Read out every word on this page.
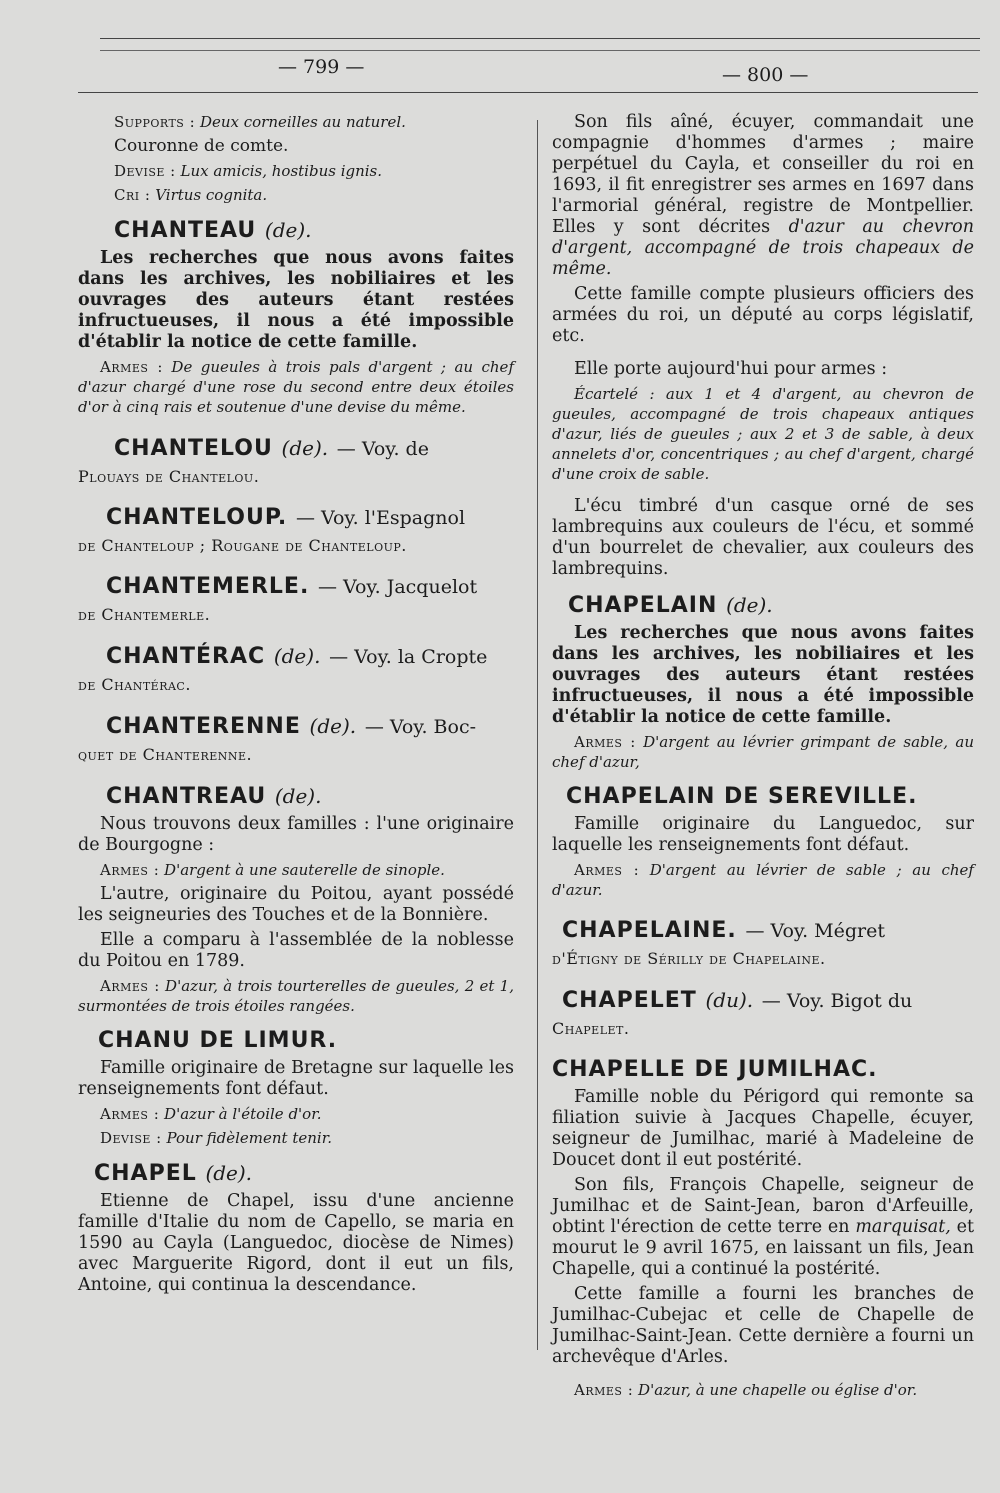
— 799 —	— 800 —

Supports : Deux corneilles au naturel.

Couronne de comte.

Devise : Lux amicis, hostibus ignis.

Cri : Virtus cognita.

CHANTEAU (de).

Les recherches que nous avons faites dans les archives, les nobiliaires et les ouvrages des auteurs étant restées infructueuses, il nous a été impossible d'établir la notice de cette famille.

Armes : De gueules à trois pals d'argent ; au chef d'azur chargé d'une rose du second entre deux étoiles d'or à cinq rais et soutenue d'une devise du même.

CHANTELOU (de). — Voy. de

Plouays de Chantelou.

CHANTELOUP. — Voy. l'Espagnol

de Chanteloup ; Rougane de Chanteloup.

CHANTEMERLE. — Voy. Jacquelot

de Chantemerle.

CHANTÉRAC (de). — Voy. la Cropte

de Chantérac.

CHANTERENNE (de). — Voy. Boc-

quet de Chanterenne.

CHANTREAU (de).

Nous trouvons deux familles : l'une originaire de Bourgogne :

Armes : D'argent à une sauterelle de sinople.

L'autre, originaire du Poitou, ayant possédé les seigneuries des Touches et de la Bonnière.

Elle a comparu à l'assemblée de la noblesse du Poitou en 1789.

Armes : D'azur, à trois tourterelles de gueules, 2 et 1, surmontées de trois étoiles rangées.

CHANU DE LIMUR.

Famille originaire de Bretagne sur laquelle les renseignements font défaut.

Armes : D'azur à l'étoile d'or.

Devise : Pour fidèlement tenir.

CHAPEL (de).

Etienne de Chapel, issu d'une ancienne famille d'Italie du nom de Capello, se maria en 1590 au Cayla (Languedoc, diocèse de Nimes) avec Marguerite Rigord, dont il eut un fils, Antoine, qui continua la descendance.

Son fils aîné, écuyer, commandait une compagnie d'hommes d'armes ; maire perpétuel du Cayla, et conseiller du roi en 1693, il fit enregistrer ses armes en 1697 dans l'armorial général, registre de Montpellier. Elles y sont décrites d'azur au chevron d'argent, accompagné de trois chapeaux de même.

Cette famille compte plusieurs officiers des armées du roi, un député au corps législatif, etc.

Elle porte aujourd'hui pour armes :

Écartelé : aux 1 et 4 d'argent, au chevron de gueules, accompagné de trois chapeaux antiques d'azur, liés de gueules ; aux 2 et 3 de sable, à deux annelets d'or, concentriques ; au chef d'argent, chargé d'une croix de sable.

L'écu timbré d'un casque orné de ses lambrequins aux couleurs de l'écu, et sommé d'un bourrelet de chevalier, aux couleurs des lambrequins.

CHAPELAIN (de).

Les recherches que nous avons faites dans les archives, les nobiliaires et les ouvrages des auteurs étant restées infructueuses, il nous a été impossible d'établir la notice de cette famille.

Armes : D'argent au lévrier grimpant de sable, au chef d'azur,

CHAPELAIN DE SEREVILLE.

Famille originaire du Languedoc, sur laquelle les renseignements font défaut.

Armes : D'argent au lévrier de sable ; au chef d'azur.

CHAPELAINE. — Voy. Mégret

d'Étigny de Sérilly de Chapelaine.

CHAPELET (du). — Voy. Bigot du

Chapelet.

CHAPELLE DE JUMILHAC.

Famille noble du Périgord qui remonte sa filiation suivie à Jacques Chapelle, écuyer, seigneur de Jumilhac, marié à Madeleine de Doucet dont il eut postérité.

Son fils, François Chapelle, seigneur de Jumilhac et de Saint-Jean, baron d'Arfeuille, obtint l'érection de cette terre en marquisat, et mourut le 9 avril 1675, en laissant un fils, Jean Chapelle, qui a continué la postérité.

Cette famille a fourni les branches de Jumilhac-Cubejac et celle de Chapelle de Jumilhac-Saint-Jean. Cette dernière a fourni un archevêque d'Arles.

Armes : D'azur, à une chapelle ou église d'or.
